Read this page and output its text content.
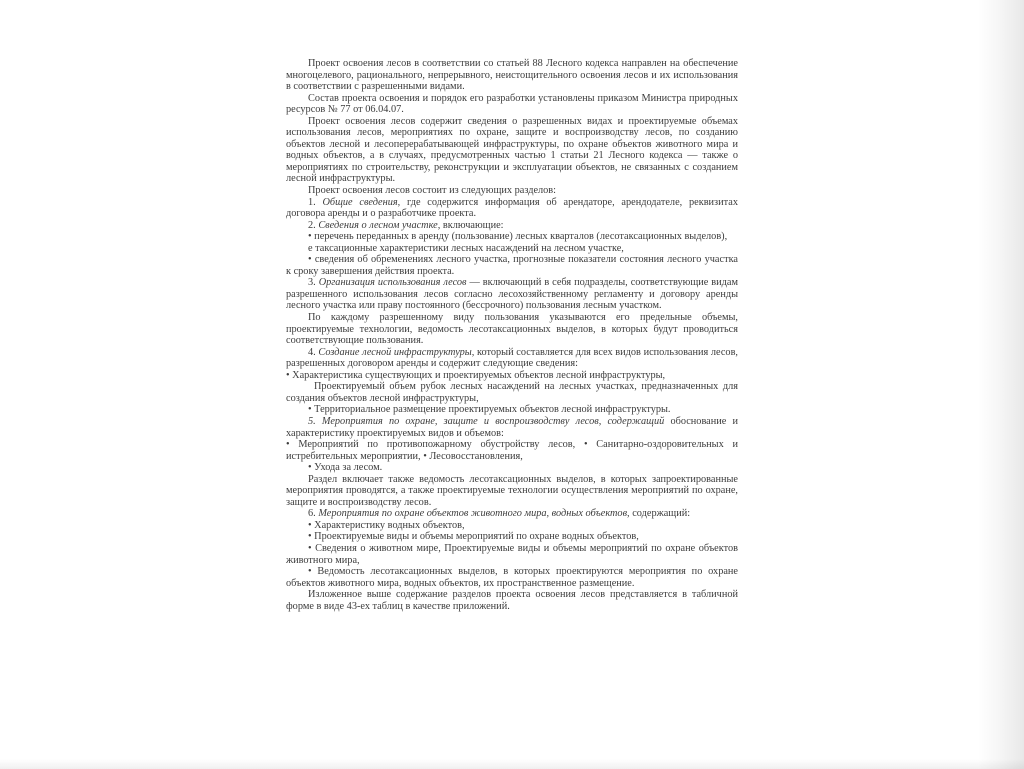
Проект освоения лесов в соответствии со статьей 88 Лесного кодекса направлен на обеспечение многоцелевого, рационального, непрерывного, неистощительного освоения лесов и их использования в соответствии с разрешенными видами.

Состав проекта освоения и порядок его разработки установлены приказом Министра природных ресурсов № 77 от 06.04.07.

Проект освоения лесов содержит сведения о разрешенных видах и проектируемые объемах использования лесов, мероприятиях по охране, защите и воспроизводству лесов, по созданию объектов лесной и лесоперерабатывающей инфраструктуры, по охране объектов животного мира и водных объектов, а в случаях, предусмотренных частью 1 статьи 21 Лесного кодекса — также о мероприятиях по строительству, реконструкции и эксплуатации объектов, не связанных с созданием лесной инфраструктуры.

Проект освоения лесов состоит из следующих разделов:

1. Общие сведения, где содержится информация об арендаторе, арендодателе, реквизитах договора аренды и о разработчике проекта.

2. Сведения о лесном участке, включающие:

• перечень переданных в аренду (пользование) лесных кварталов (лесотаксационных выделов),

е таксационные характеристики лесных насаждений на лесном участке,

• сведения об обременениях лесного участка, прогнозные показатели состояния лесного участка к сроку завершения действия проекта.

3. Организация использования лесов — включающий в себя подразделы, соответствующие видам разрешенного использования лесов согласно лесохозяйственному регламенту и договору аренды лесного участка или праву постоянного (бессрочного) пользования лесным участком.

По каждому разрешенному виду пользования указываются его предельные объемы, проектируемые технологии, ведомость лесотаксационных выделов, в которых будут проводиться соответствующие пользования.

4. Создание лесной инфраструктуры, который составляется для всех видов использования лесов, разрешенных договором аренды и содержит следующие сведения:

• Характеристика существующих и проектируемых объектов лесной инфраструктуры,

Проектируемый объем рубок лесных насаждений на лесных участках, предназначенных для создания объектов лесной инфраструктуры,

• Территориальное размещение проектируемых объектов лесной инфраструктуры.

5. Мероприятия по охране, защите и воспроизводству лесов, содержащий обоснование и характеристику проектируемых видов и объемов:

• Мероприятий по противопожарному обустройству лесов, • Санитарно-оздоровительных и истребительных мероприятии, • Лесовосстановления,

• Ухода за лесом.

Раздел включает также ведомость лесотаксационных выделов, в которых запроектированные мероприятия проводятся, а также проектируемые технологии осуществления мероприятий по охране, защите и воспроизводству лесов.

6. Мероприятия по охране объектов животного мира, водных объектов, содержащий:

• Характеристику водных объектов,

• Проектируемые виды и объемы мероприятий по охране водных объектов,

• Сведения о животном мире, Проектируемые виды и объемы мероприятий по охране объектов животного мира,

• Ведомость лесотаксационных выделов, в которых проектируются мероприятия по охране объектов животного мира, водных объектов, их пространственное размещение.

Изложенное выше содержание разделов проекта освоения лесов представляется в табличной форме в виде 43-ех таблиц в качестве приложений.
